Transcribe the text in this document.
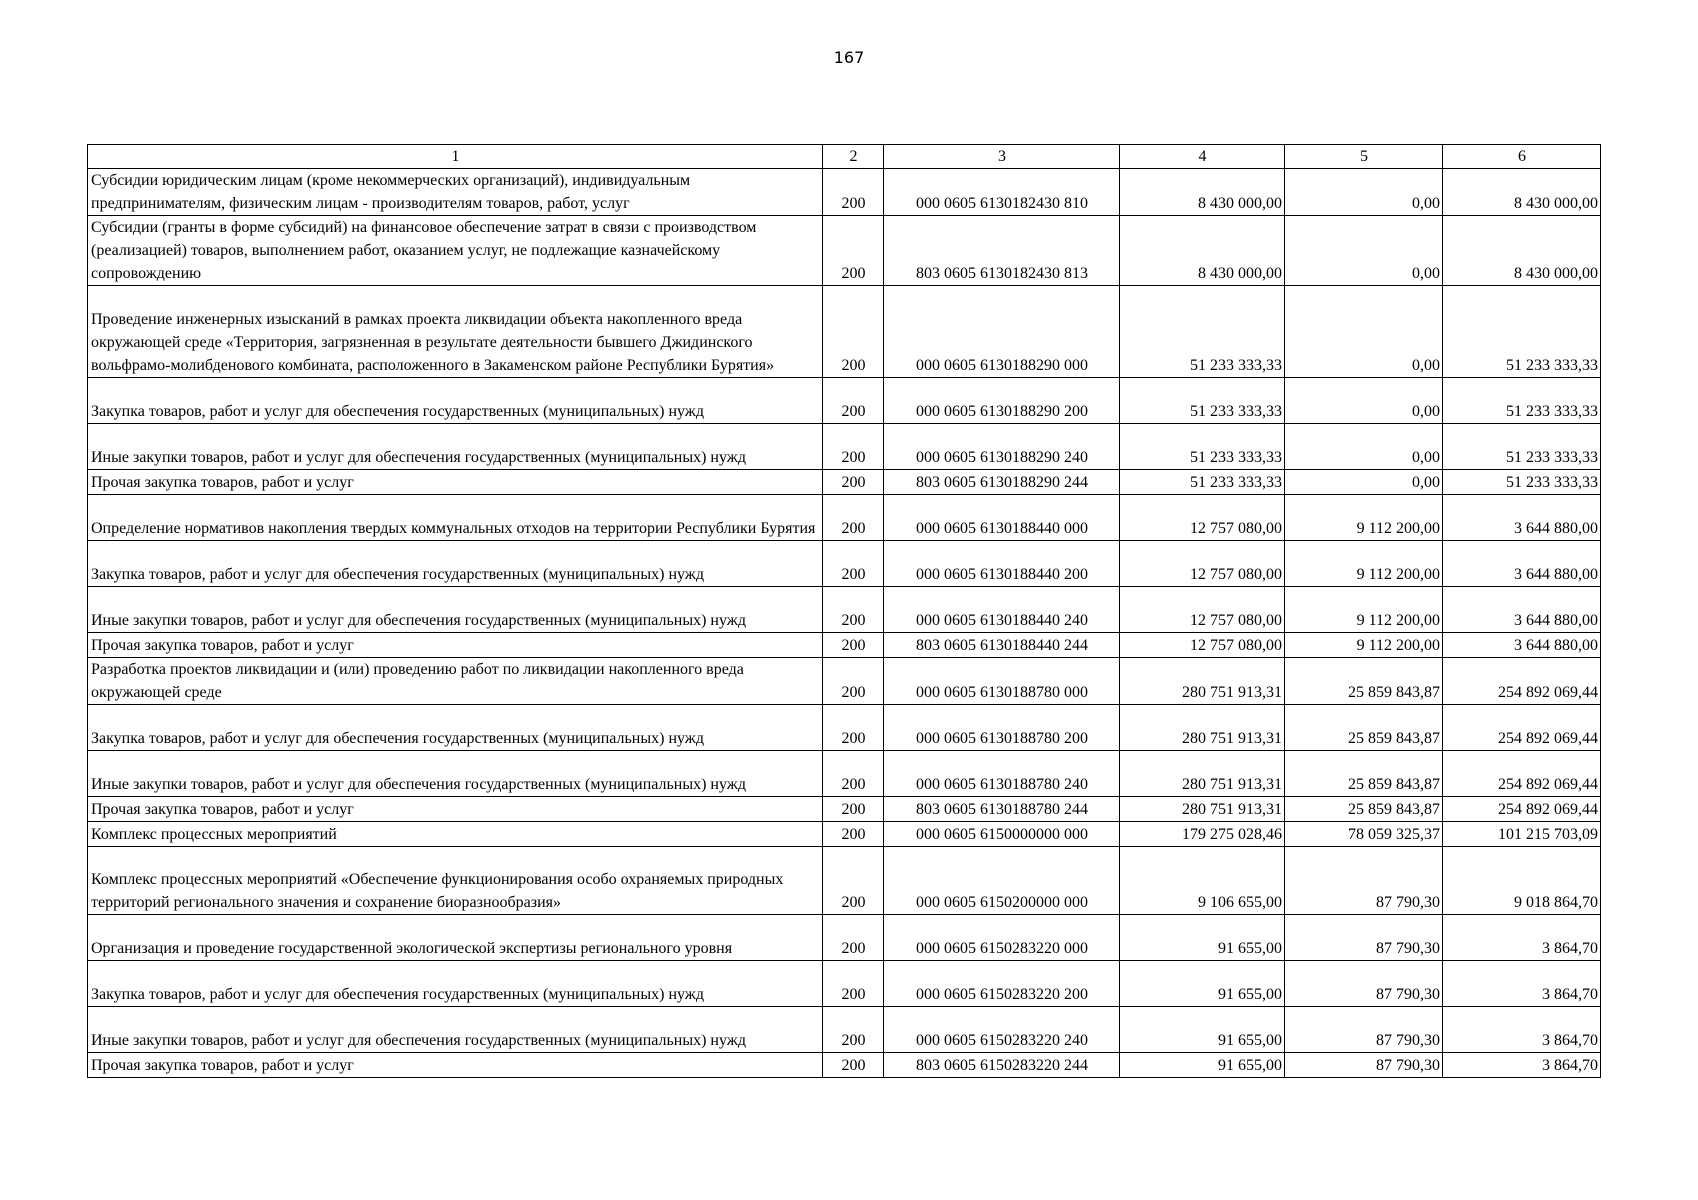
167
1	2	3	4	5	6
Субсидии юридическим лицам (кроме некоммерческих организаций), индивидуальным предпринимателям, физическим лицам - производителям товаров, работ, услуг	200	000 0605 6130182430 810	8 430 000,00	0,00	8 430 000,00
Субсидии (гранты в форме субсидий) на финансовое обеспечение затрат в связи с производством (реализацией) товаров, выполнением работ, оказанием услуг, не подлежащие казначейскому сопровождению	200	803 0605 6130182430 813	8 430 000,00	0,00	8 430 000,00
Проведение инженерных изысканий в рамках проекта ликвидации объекта накопленного вреда окружающей среде «Территория, загрязненная в результате деятельности бывшего Джидинского вольфрамо-молибденового комбината, расположенного в Закаменском районе Республики Бурятия»	200	000 0605 6130188290 000	51 233 333,33	0,00	51 233 333,33
Закупка товаров, работ и услуг для обеспечения государственных (муниципальных) нужд	200	000 0605 6130188290 200	51 233 333,33	0,00	51 233 333,33
Иные закупки товаров, работ и услуг для обеспечения государственных (муниципальных) нужд	200	000 0605 6130188290 240	51 233 333,33	0,00	51 233 333,33
Прочая закупка товаров, работ и услуг	200	803 0605 6130188290 244	51 233 333,33	0,00	51 233 333,33
Определение нормативов накопления твердых коммунальных отходов на территории Республики Бурятия	200	000 0605 6130188440 000	12 757 080,00	9 112 200,00	3 644 880,00
Закупка товаров, работ и услуг для обеспечения государственных (муниципальных) нужд	200	000 0605 6130188440 200	12 757 080,00	9 112 200,00	3 644 880,00
Иные закупки товаров, работ и услуг для обеспечения государственных (муниципальных) нужд	200	000 0605 6130188440 240	12 757 080,00	9 112 200,00	3 644 880,00
Прочая закупка товаров, работ и услуг	200	803 0605 6130188440 244	12 757 080,00	9 112 200,00	3 644 880,00
Разработка проектов ликвидации и (или) проведению работ по ликвидации накопленного вреда окружающей среде	200	000 0605 6130188780 000	280 751 913,31	25 859 843,87	254 892 069,44
Закупка товаров, работ и услуг для обеспечения государственных (муниципальных) нужд	200	000 0605 6130188780 200	280 751 913,31	25 859 843,87	254 892 069,44
Иные закупки товаров, работ и услуг для обеспечения государственных (муниципальных) нужд	200	000 0605 6130188780 240	280 751 913,31	25 859 843,87	254 892 069,44
Прочая закупка товаров, работ и услуг	200	803 0605 6130188780 244	280 751 913,31	25 859 843,87	254 892 069,44
Комплекс процессных мероприятий	200	000 0605 6150000000 000	179 275 028,46	78 059 325,37	101 215 703,09
Комплекс процессных мероприятий «Обеспечение функционирования особо охраняемых природных территорий регионального значения и сохранение биоразнообразия»	200	000 0605 6150200000 000	9 106 655,00	87 790,30	9 018 864,70
Организация и проведение государственной экологической экспертизы регионального уровня	200	000 0605 6150283220 000	91 655,00	87 790,30	3 864,70
Закупка товаров, работ и услуг для обеспечения государственных (муниципальных) нужд	200	000 0605 6150283220 200	91 655,00	87 790,30	3 864,70
Иные закупки товаров, работ и услуг для обеспечения государственных (муниципальных) нужд	200	000 0605 6150283220 240	91 655,00	87 790,30	3 864,70
Прочая закупка товаров, работ и услуг	200	803 0605 6150283220 244	91 655,00	87 790,30	3 864,70
